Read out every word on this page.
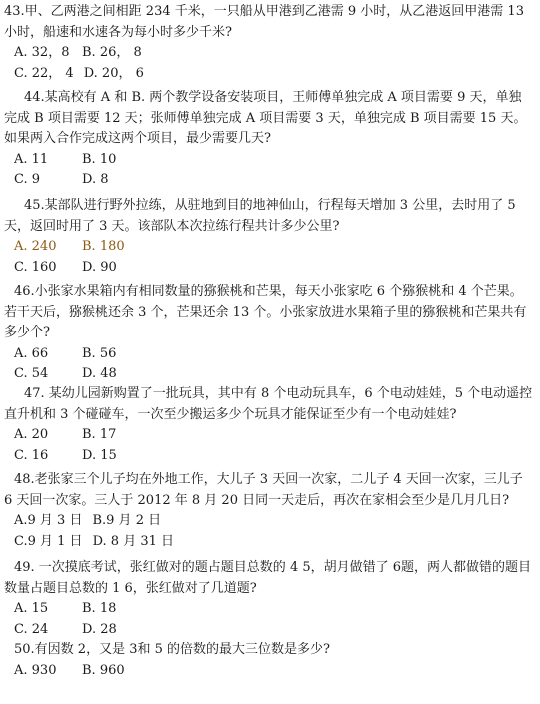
43.甲、乙两港之间相距 234 千米，一只船从甲港到乙港需 9 小时，从乙港返回甲港需 13 小时，船速和水速各为每小时多少千米?

A. 32，8 B. 26， 8
C. 22， 4 D. 20， 6

44.某高校有 A 和 B. 两个教学设备安装项目，王师傅单独完成 A 项目需要 9 天，单独完成 B 项目需要 12 天；张师傅单独完成 A 项目需要 3 天，单独完成 B 项目需要 15 天。如果两入合作完成这两个项目，最少需要几天?

A. 11	B. 10
C. 9	D. 8

45.某部队进行野外拉练，从驻地到目的地神仙山，行程每天增加 3 公里，去时用了 5 天，返回时用了 3 天。该部队本次拉练行程共计多少公里?

A. 240	B. 180
C. 160	D. 90

46.小张家水果箱内有相同数量的猕猴桃和芒果，每天小张家吃 6 个猕猴桃和 4 个芒果。若干天后，猕猴桃还余 3 个，芒果还余 13 个。小张家放进水果箱子里的猕猴桃和芒果共有多少个?

A. 66	B. 56
C. 54	D. 48

47. 某幼儿园新购置了一批玩具，其中有 8 个电动玩具车，6 个电动娃娃，5 个电动遥控直升机和 3 个碰碰车，一次至少搬运多少个玩具才能保证至少有一个电动娃娃?

A. 20	B. 17
C. 16	D. 15

48.老张家三个儿子均在外地工作，大儿子 3 天回一次家，二儿子 4 天回一次家，三儿子 6 天回一次家。三人于 2012 年 8 月 20 日同一天走后，再次在家相会至少是几月几日?

A.9 月 3 日 B.9 月 2 日
C.9 月 1 日 D. 8 月 31 日

49. 一次摸底考试，张红做对的题占题目总数的 4 5，胡月做错了 6题，两人都做错的题目数量占题目总数的 1 6，张红做对了几道题?

A. 15	B. 18
C. 24	D. 28

50.有因数 2，又是 3和 5 的倍数的最大三位数是多少?

A. 930	B. 960
